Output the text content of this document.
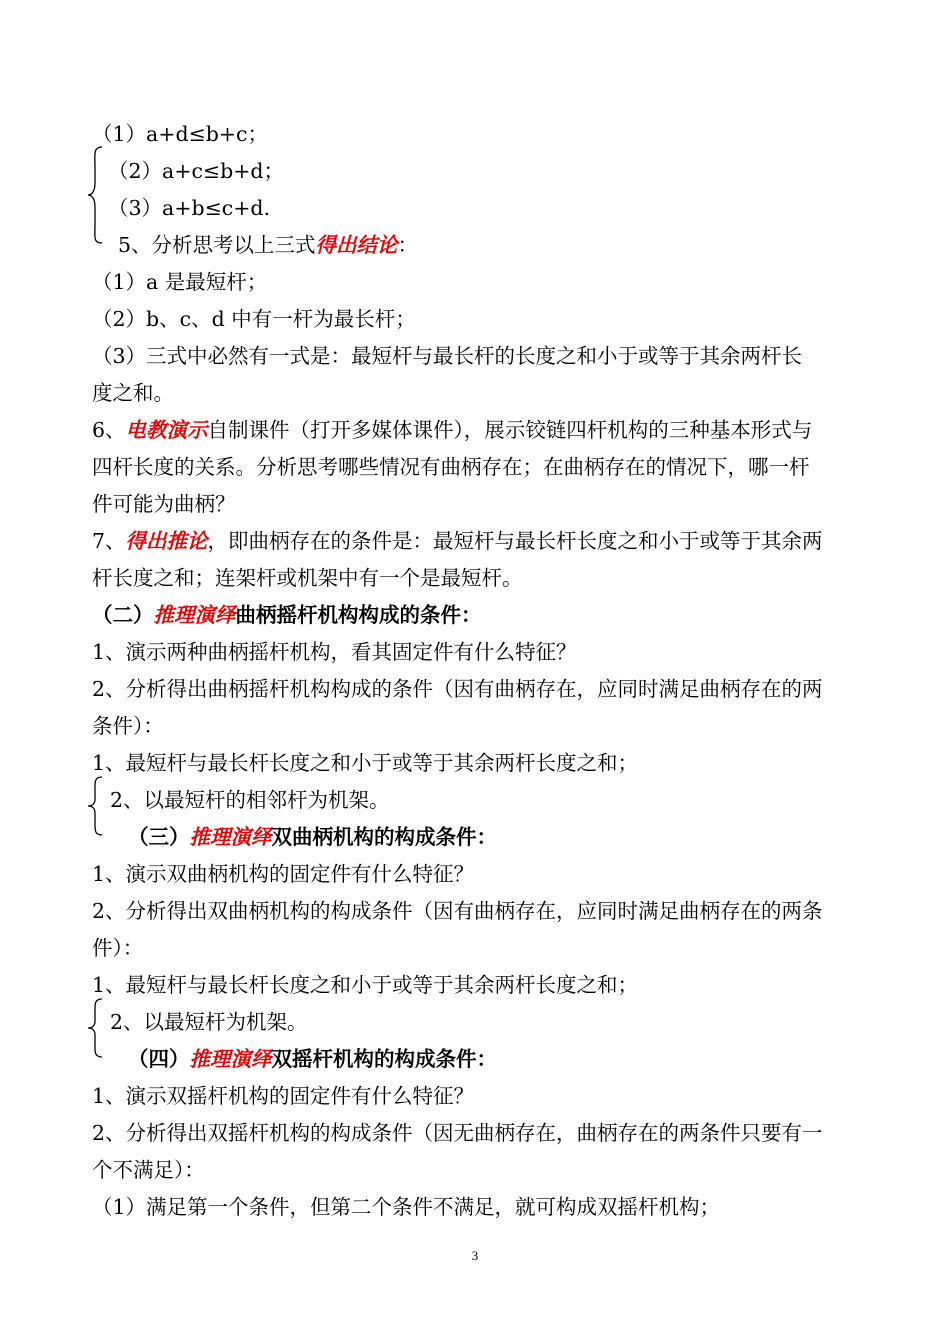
（1）a+d≤b+c；
（2）a+c≤b+d；
（3）a+b≤c+d.
5、分析思考以上三式得出结论：
（1）a 是最短杆；
（2）b、c、d 中有一杆为最长杆；
（3）三式中必然有一式是：最短杆与最长杆的长度之和小于或等于其余两杆长
度之和。
6、电教演示自制课件（打开多媒体课件），展示铰链四杆机构的三种基本形式与
四杆长度的关系。分析思考哪些情况有曲柄存在；在曲柄存在的情况下，哪一杆
件可能为曲柄？
7、得出推论，即曲柄存在的条件是：最短杆与最长杆长度之和小于或等于其余两
杆长度之和；连架杆或机架中有一个是最短杆。
（二）推理演绎曲柄摇杆机构构成的条件：
1、演示两种曲柄摇杆机构，看其固定件有什么特征？
2、分析得出曲柄摇杆机构构成的条件（因有曲柄存在，应同时满足曲柄存在的两
条件）：
1、最短杆与最长杆长度之和小于或等于其余两杆长度之和；
2、以最短杆的相邻杆为机架。
（三）推理演绎双曲柄机构的构成条件：
1、演示双曲柄机构的固定件有什么特征？
2、分析得出双曲柄机构的构成条件（因有曲柄存在，应同时满足曲柄存在的两条
件）：
1、最短杆与最长杆长度之和小于或等于其余两杆长度之和；
2、以最短杆为机架。
（四）推理演绎双摇杆机构的构成条件：
1、演示双摇杆机构的固定件有什么特征？
2、分析得出双摇杆机构的构成条件（因无曲柄存在，曲柄存在的两条件只要有一
个不满足）：
（1）满足第一个条件，但第二个条件不满足，就可构成双摇杆机构；
3
